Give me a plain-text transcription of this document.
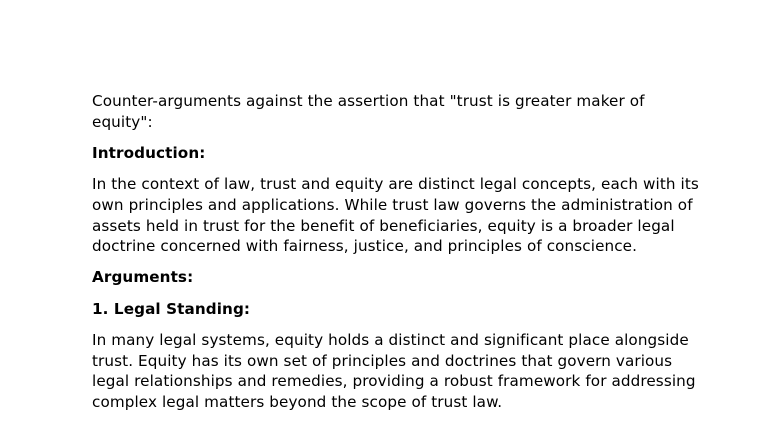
Counter-arguments against the assertion that "trust is greater maker of equity":

Introduction:

In the context of law, trust and equity are distinct legal concepts, each with its own principles and applications. While trust law governs the administration of assets held in trust for the benefit of beneficiaries, equity is a broader legal doctrine concerned with fairness, justice, and principles of conscience.

Arguments:

1. Legal Standing:

In many legal systems, equity holds a distinct and significant place alongside trust. Equity has its own set of principles and doctrines that govern various legal relationships and remedies, providing a robust framework for addressing complex legal matters beyond the scope of trust law.
